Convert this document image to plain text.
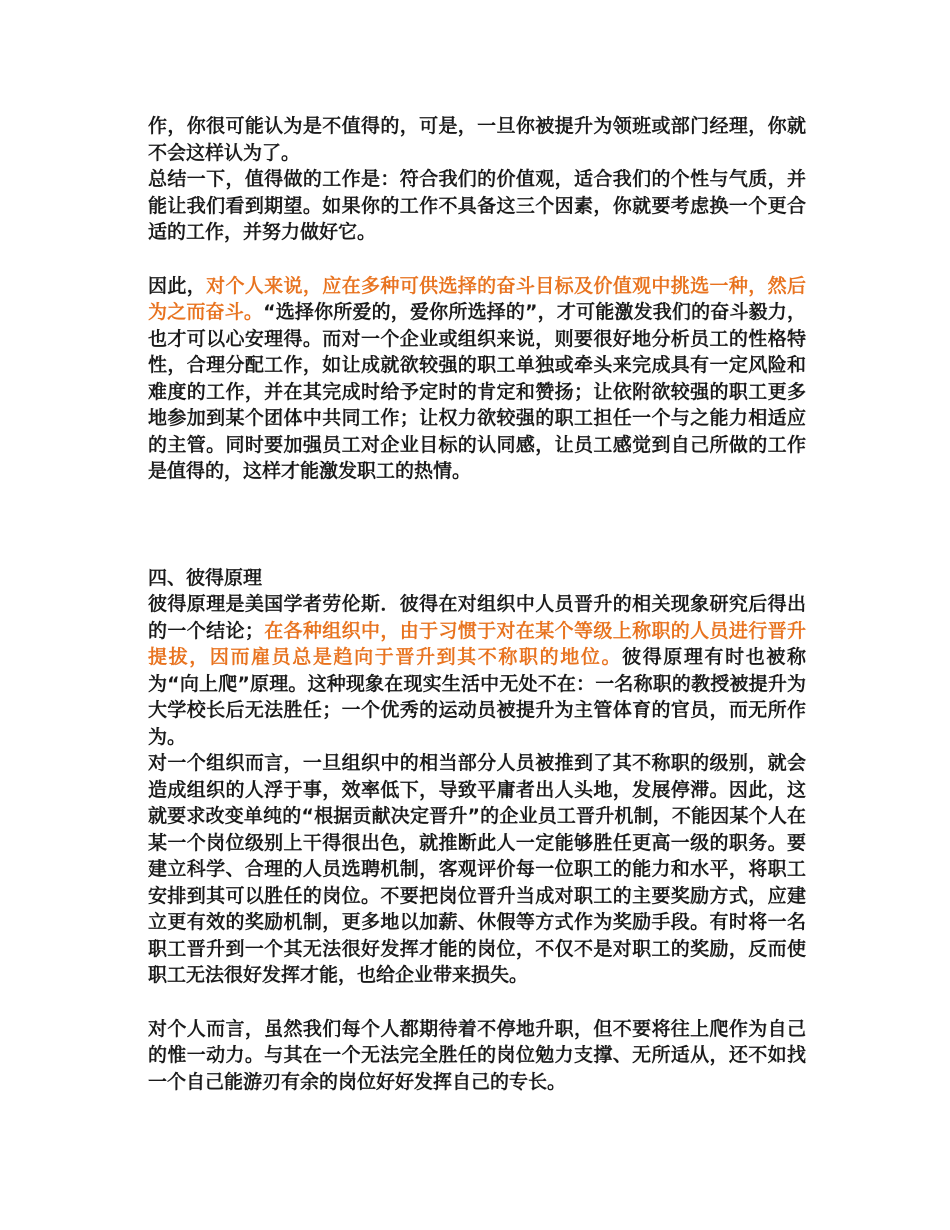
作，你很可能认为是不值得的，可是，一旦你被提升为领班或部门经理，你就不会这样认为了。

总结一下，值得做的工作是：符合我们的价值观，适合我们的个性与气质，并能让我们看到期望。如果你的工作不具备这三个因素，你就要考虑换一个更合适的工作，并努力做好它。

因此，对个人来说，应在多种可供选择的奋斗目标及价值观中挑选一种，然后为之而奋斗。“选择你所爱的，爱你所选择的”，才可能激发我们的奋斗毅力，也才可以心安理得。而对一个企业或组织来说，则要很好地分析员工的性格特性，合理分配工作，如让成就欲较强的职工单独或牵头来完成具有一定风险和难度的工作，并在其完成时给予定时的肯定和赞扬；让依附欲较强的职工更多地参加到某个团体中共同工作；让权力欲较强的职工担任一个与之能力相适应的主管。同时要加强员工对企业目标的认同感，让员工感觉到自己所做的工作是值得的，这样才能激发职工的热情。

四、彼得原理

彼得原理是美国学者劳伦斯．彼得在对组织中人员晋升的相关现象研究后得出的一个结论；在各种组织中，由于习惯于对在某个等级上称职的人员进行晋升提拔，因而雇员总是趋向于晋升到其不称职的地位。彼得原理有时也被称为“向上爬”原理。这种现象在现实生活中无处不在：一名称职的教授被提升为大学校长后无法胜任；一个优秀的运动员被提升为主管体育的官员，而无所作为。

对一个组织而言，一旦组织中的相当部分人员被推到了其不称职的级别，就会造成组织的人浮于事，效率低下，导致平庸者出人头地，发展停滞。因此，这就要求改变单纯的“根据贡献决定晋升”的企业员工晋升机制，不能因某个人在某一个岗位级别上干得很出色，就推断此人一定能够胜任更高一级的职务。要建立科学、合理的人员选聘机制，客观评价每一位职工的能力和水平，将职工安排到其可以胜任的岗位。不要把岗位晋升当成对职工的主要奖励方式，应建立更有效的奖励机制，更多地以加薪、休假等方式作为奖励手段。有时将一名职工晋升到一个其无法很好发挥才能的岗位，不仅不是对职工的奖励，反而使职工无法很好发挥才能，也给企业带来损失。

对个人而言，虽然我们每个人都期待着不停地升职，但不要将往上爬作为自己的惟一动力。与其在一个无法完全胜任的岗位勉力支撑、无所适从，还不如找一个自己能游刃有余的岗位好好发挥自己的专长。
